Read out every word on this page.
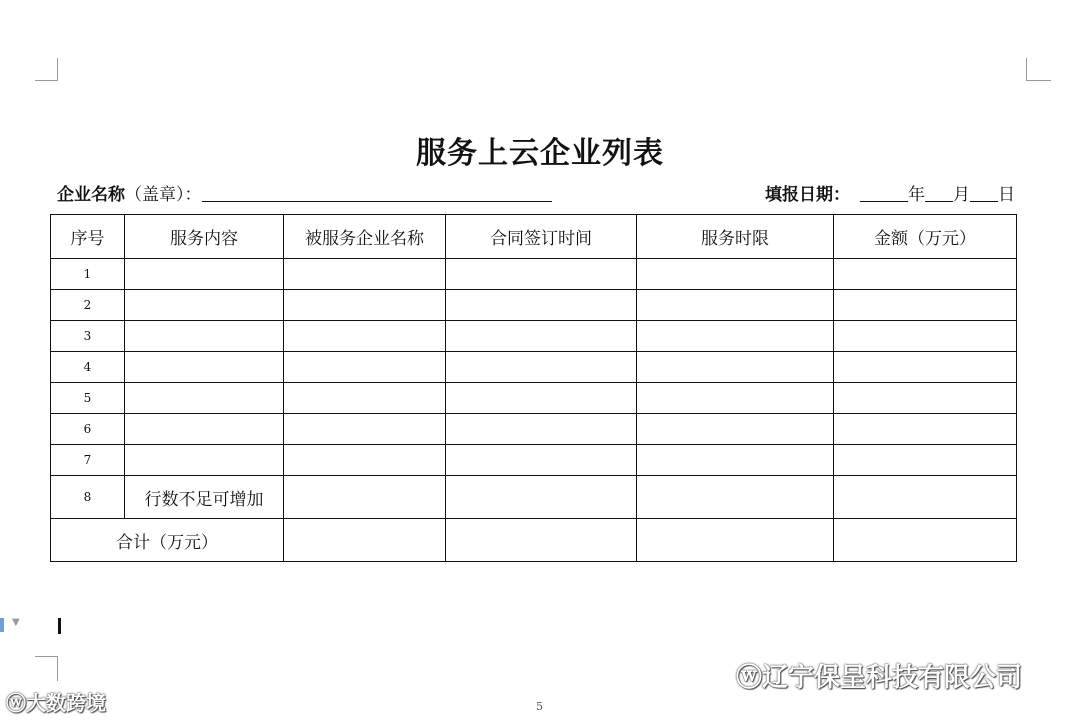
服务上云企业列表
企业名称（盖章）：	填报日期：	年 月 日
序号	服务内容	被服务企业名称	合同签订时间	服务时限	金额（万元）
1					
2					
3					
4					
5					
6					
7					
8	行数不足可增加				
合计（万元）					
▼
5
ⓦ大数跨境
ⓦ辽宁保呈科技有限公司
